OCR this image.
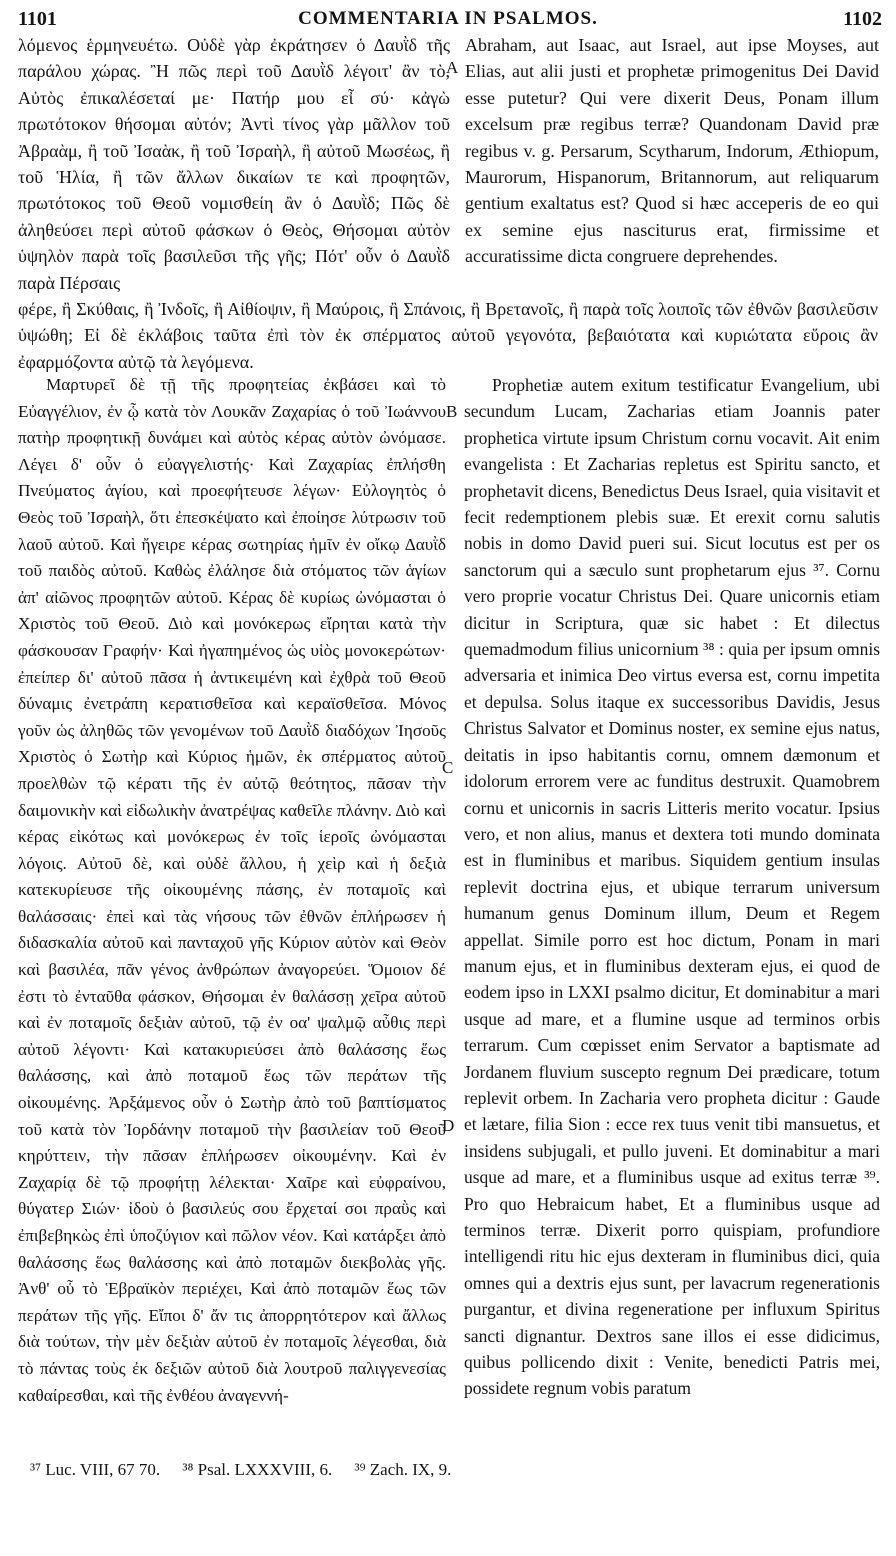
1101	COMMENTARIA IN PSALMOS.	1102

λόμενος ἑρμηνευέτω. Οὐδὲ γὰρ ἐκράτησεν ὁ Δαυῒδ τῆς παράλου χώρας. Ἢ πῶς περὶ τοῦ Δαυῒδ λέγοιτ' ἂν τὸ, Αὐτὸς ἐπικαλέσεταί με· Πατήρ μου εἶ σύ· κἀγὼ πρωτότοκον θήσομαι αὐτόν; Ἀντὶ τίνος γὰρ μᾶλλον τοῦ Ἀβραὰμ, ἢ τοῦ Ἰσαὰκ, ἢ τοῦ Ἰσραὴλ, ἢ αὐτοῦ Μωσέως, ἢ τοῦ Ἡλία, ἢ τῶν ἄλλων δικαίων τε καὶ προφητῶν, πρωτότοκος τοῦ Θεοῦ νομισθείη ἂν ὁ Δαυῒδ; Πῶς δὲ ἀληθεύσει περὶ αὐτοῦ φάσκων ὁ Θεὸς, Θήσομαι αὐτὸν ὑψηλὸν παρὰ τοῖς βασιλεῦσι τῆς γῆς; Πότ' οὖν ὁ Δαυῒδ παρὰ Πέρσαις

A

Abraham, aut Isaac, aut Israel, aut ipse Moyses, aut Elias, aut alii justi et prophetæ primogenitus Dei David esse putetur? Qui vere dixerit Deus, Ponam illum excelsum præ regibus terræ? Quandonam David præ regibus v. g. Persarum, Scytharum, Indorum, Æthiopum, Maurorum, Hispanorum, Britannorum, aut reliquarum gentium exaltatus est? Quod si hæc acceperis de eo qui ex semine ejus nasciturus erat, firmissime et accuratissime dicta congruere deprehendes.

φέρε, ἢ Σκύθαις, ἢ Ἰνδοῖς, ἢ Αἰθίοψιν, ἢ Μαύροις, ἢ Σπάνοις, ἢ Βρετανοῖς, ἢ παρὰ τοῖς λοιποῖς τῶν ἐθνῶν βασιλεῦσιν ὑψώθη; Εἰ δὲ ἐκλάβοις ταῦτα ἐπὶ τὸν ἐκ σπέρματος αὐτοῦ γεγονότα, βεβαιότατα καὶ κυριώτατα εὕροις ἂν ἐφαρμόζοντα αὐτῷ τὰ λεγόμενα.

Μαρτυρεῖ δὲ τῇ τῆς προφητείας ἐκβάσει καὶ τὸ Εὐαγγέλιον, ἐν ᾧ κατὰ τὸν Λουκᾶν Ζαχαρίας ὁ τοῦ Ἰωάννου πατὴρ προφητικῇ δυνάμει καὶ αὐτὸς κέρας αὐτὸν ὠνόμασε. Λέγει δ' οὖν ὁ εὐαγγελιστής· Καὶ Ζαχαρίας ἐπλήσθη Πνεύματος ἁγίου, καὶ προεφήτευσε λέγων· Εὐλογητὸς ὁ Θεὸς τοῦ Ἰσραὴλ, ὅτι ἐπεσκέψατο καὶ ἐποίησε λύτρωσιν τοῦ λαοῦ αὐτοῦ. Καὶ ἤγειρε κέρας σωτηρίας ἡμῖν ἐν οἴκῳ Δαυῒδ τοῦ παιδὸς αὐτοῦ. Καθὼς ἐλάλησε διὰ στόματος τῶν ἁγίων ἀπ' αἰῶνος προφητῶν αὐτοῦ. Κέρας δὲ κυρίως ὠνόμασται ὁ Χριστὸς τοῦ Θεοῦ. Διὸ καὶ μονόκερως εἴρηται κατὰ τὴν φάσκουσαν Γραφήν· Καὶ ἠγαπημένος ὡς υἱὸς μονοκερώτων· ἐπείπερ δι' αὐτοῦ πᾶσα ἡ ἀντικειμένη καὶ ἐχθρὰ τοῦ Θεοῦ δύναμις ἐνετράπη κερατισθεῖσα καὶ κεραϊσθεῖσα. Μόνος γοῦν ὡς ἀληθῶς τῶν γενομένων τοῦ Δαυῒδ διαδόχων Ἰησοῦς Χριστὸς ὁ Σωτὴρ καὶ Κύριος ἡμῶν, ἐκ σπέρματος αὐτοῦ προελθὼν τῷ κέρατι τῆς ἐν αὐτῷ θεότητος, πᾶσαν τὴν δαιμονικὴν καὶ εἰδωλικὴν ἀνατρέψας καθεῖλε πλάνην. Διὸ καὶ κέρας εἰκότως καὶ μονόκερως ἐν τοῖς ἱεροῖς ὠνόμασται λόγοις. Αὐτοῦ δὲ, καὶ οὐδὲ ἄλλου, ἡ χεὶρ καὶ ἡ δεξιὰ κατεκυρίευσε τῆς οἰκουμένης πάσης, ἐν ποταμοῖς καὶ θαλάσσαις· ἐπεὶ καὶ τὰς νήσους τῶν ἐθνῶν ἐπλήρωσεν ἡ διδασκαλία αὐτοῦ καὶ πανταχοῦ γῆς Κύριον αὐτὸν καὶ Θεὸν καὶ βασιλέα, πᾶν γένος ἀνθρώπων ἀναγορεύει. Ὅμοιον δέ ἐστι τὸ ἐνταῦθα φάσκον, Θήσομαι ἐν θαλάσσῃ χεῖρα αὐτοῦ καὶ ἐν ποταμοῖς δεξιὰν αὐτοῦ, τῷ ἐν οα' ψαλμῷ αὖθις περὶ αὐτοῦ λέγοντι· Καὶ κατακυριεύσει ἀπὸ θαλάσσης ἕως θαλάσσης, καὶ ἀπὸ ποταμοῦ ἕως τῶν περάτων τῆς οἰκουμένης. Ἀρξάμενος οὖν ὁ Σωτὴρ ἀπὸ τοῦ βαπτίσματος τοῦ κατὰ τὸν Ἰορδάνην ποταμοῦ τὴν βασιλείαν τοῦ Θεοῦ κηρύττειν, τὴν πᾶσαν ἐπλήρωσεν οἰκουμένην. Καὶ ἐν Ζαχαρίᾳ δὲ τῷ προφήτῃ λέλεκται· Χαῖρε καὶ εὐφραίνου, θύγατερ Σιών· ἰδοὺ ὁ βασιλεύς σου ἔρχεταί σοι πραῢς καὶ ἐπιβεβηκὼς ἐπὶ ὑποζύγιον καὶ πῶλον νέον. Καὶ κατάρξει ἀπὸ θαλάσσης ἕως θαλάσσης καὶ ἀπὸ ποταμῶν διεκβολὰς γῆς. Ἀνθ' οὗ τὸ Ἑβραϊκὸν περιέχει, Καὶ ἀπὸ ποταμῶν ἕως τῶν περάτων τῆς γῆς. Εἴποι δ' ἄν τις ἀπορρητότερον καὶ ἄλλως διὰ τούτων, τὴν μὲν δεξιὰν αὐτοῦ ἐν ποταμοῖς λέγεσθαι, διὰ τὸ πάντας τοὺς ἐκ δεξιῶν αὐτοῦ διὰ λουτροῦ παλιγγενεσίας καθαίρεσθαι, καὶ τῆς ἐνθέου ἀναγεννή-

B
C
D

Prophetiæ autem exitum testificatur Evangelium, ubi secundum Lucam, Zacharias etiam Joannis pater prophetica virtute ipsum Christum cornu vocavit. Ait enim evangelista : Et Zacharias repletus est Spiritu sancto, et prophetavit dicens, Benedictus Deus Israel, quia visitavit et fecit redemptionem plebis suæ. Et erexit cornu salutis nobis in domo David pueri sui. Sicut locutus est per os sanctorum qui a sæculo sunt prophetarum ejus ³⁷. Cornu vero proprie vocatur Christus Dei. Quare unicornis etiam dicitur in Scriptura, quæ sic habet : Et dilectus quemadmodum filius unicornium ³⁸ : quia per ipsum omnis adversaria et inimica Deo virtus eversa est, cornu impetita et depulsa. Solus itaque ex successoribus Davidis, Jesus Christus Salvator et Dominus noster, ex semine ejus natus, deitatis in ipso habitantis cornu, omnem dæmonum et idolorum errorem vere ac funditus destruxit. Quamobrem cornu et unicornis in sacris Litteris merito vocatur. Ipsius vero, et non alius, manus et dextera toti mundo dominata est in fluminibus et maribus. Siquidem gentium insulas replevit doctrina ejus, et ubique terrarum universum humanum genus Dominum illum, Deum et Regem appellat. Simile porro est hoc dictum, Ponam in mari manum ejus, et in fluminibus dexteram ejus, ei quod de eodem ipso in LXXI psalmo dicitur, Et dominabitur a mari usque ad mare, et a flumine usque ad terminos orbis terrarum. Cum cœpisset enim Servator a baptismate ad Jordanem fluvium suscepto regnum Dei prædicare, totum replevit orbem. In Zacharia vero propheta dicitur : Gaude et lætare, filia Sion : ecce rex tuus venit tibi mansuetus, et insidens subjugali, et pullo juveni. Et dominabitur a mari usque ad mare, et a fluminibus usque ad exitus terræ ³⁹. Pro quo Hebraicum habet, Et a fluminibus usque ad terminos terræ. Dixerit porro quispiam, profundiore intelligendi ritu hic ejus dexteram in fluminibus dici, quia omnes qui a dextris ejus sunt, per lavacrum regenerationis purgantur, et divina regeneratione per influxum Spiritus sancti dignantur. Dextros sane illos ei esse didicimus, quibus pollicendo dixit : Venite, benedicti Patris mei, possidete regnum vobis paratum

³⁷ Luc. VIII, 67 70. ³⁸ Psal. LXXXVIII, 6. ³⁹ Zach. IX, 9.
